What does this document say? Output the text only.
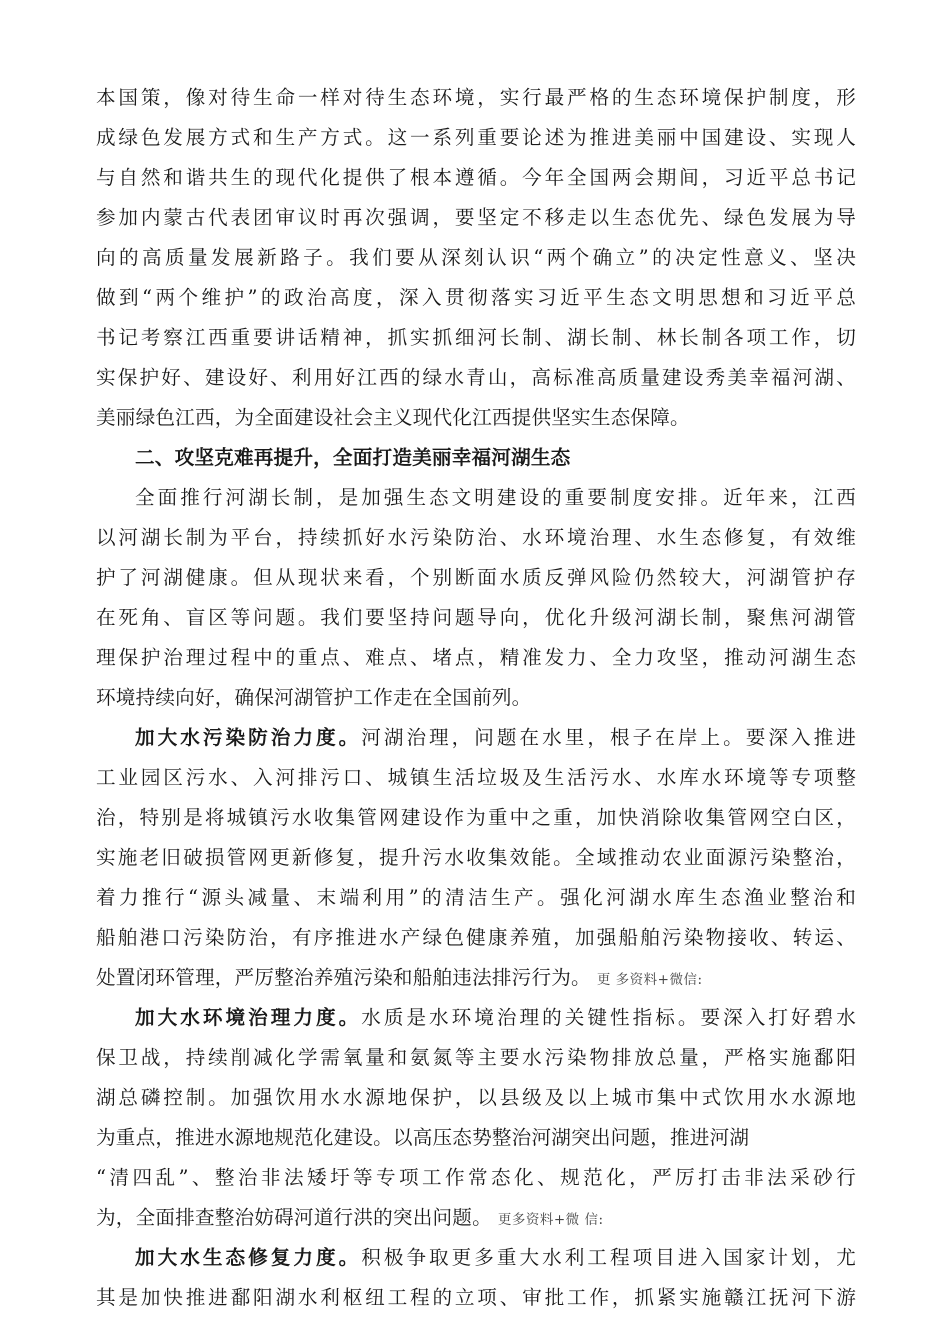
本国策，像对待生命一样对待生态环境，实行最严格的生态环境保护制度，形
成绿色发展方式和生产方式。这一系列重要论述为推进美丽中国建设、实现人
与自然和谐共生的现代化提供了根本遵循。今年全国两会期间，习近平总书记
参加内蒙古代表团审议时再次强调，要坚定不移走以生态优先、绿色发展为导
向的高质量发展新路子。我们要从深刻认识“两个确立”的决定性意义、坚决
做到“两个维护”的政治高度，深入贯彻落实习近平生态文明思想和习近平总
书记考察江西重要讲话精神，抓实抓细河长制、湖长制、林长制各项工作，切
实保护好、建设好、利用好江西的绿水青山，高标准高质量建设秀美幸福河湖、
美丽绿色江西，为全面建设社会主义现代化江西提供坚实生态保障。

二、攻坚克难再提升，全面打造美丽幸福河湖生态

全面推行河湖长制，是加强生态文明建设的重要制度安排。近年来，江西
以河湖长制为平台，持续抓好水污染防治、水环境治理、水生态修复，有效维
护了河湖健康。但从现状来看，个别断面水质反弹风险仍然较大，河湖管护存
在死角、盲区等问题。我们要坚持问题导向，优化升级河湖长制，聚焦河湖管
理保护治理过程中的重点、难点、堵点，精准发力、全力攻坚，推动河湖生态
环境持续向好，确保河湖管护工作走在全国前列。

加大水污染防治力度。河湖治理，问题在水里，根子在岸上。要深入推进
工业园区污水、入河排污口、城镇生活垃圾及生活污水、水库水环境等专项整
治，特别是将城镇污水收集管网建设作为重中之重，加快消除收集管网空白区，
实施老旧破损管网更新修复，提升污水收集效能。全域推动农业面源污染整治，
着力推行“源头减量、末端利用”的清洁生产。强化河湖水库生态渔业整治和
船舶港口污染防治，有序推进水产绿色健康养殖，加强船舶污染物接收、转运、
处置闭环管理，严厉整治养殖污染和船舶违法排污行为。 更 多资料+微信:

加大水环境治理力度。水质是水环境治理的关键性指标。要深入打好碧水
保卫战，持续削减化学需氧量和氨氮等主要水污染物排放总量，严格实施鄱阳
湖总磷控制。加强饮用水水源地保护，以县级及以上城市集中式饮用水水源地
为重点，推进水源地规范化建设。以高压态势整治河湖突出问题，推进河湖
“清四乱”、整治非法矮圩等专项工作常态化、规范化，严厉打击非法采砂行
为，全面排查整治妨碍河道行洪的突出问题。 更多资料+微 信:

加大水生态修复力度。积极争取更多重大水利工程项目进入国家计划，尤
其是加快推进鄱阳湖水利枢纽工程的立项、审批工作，抓紧实施赣江抚河下游
